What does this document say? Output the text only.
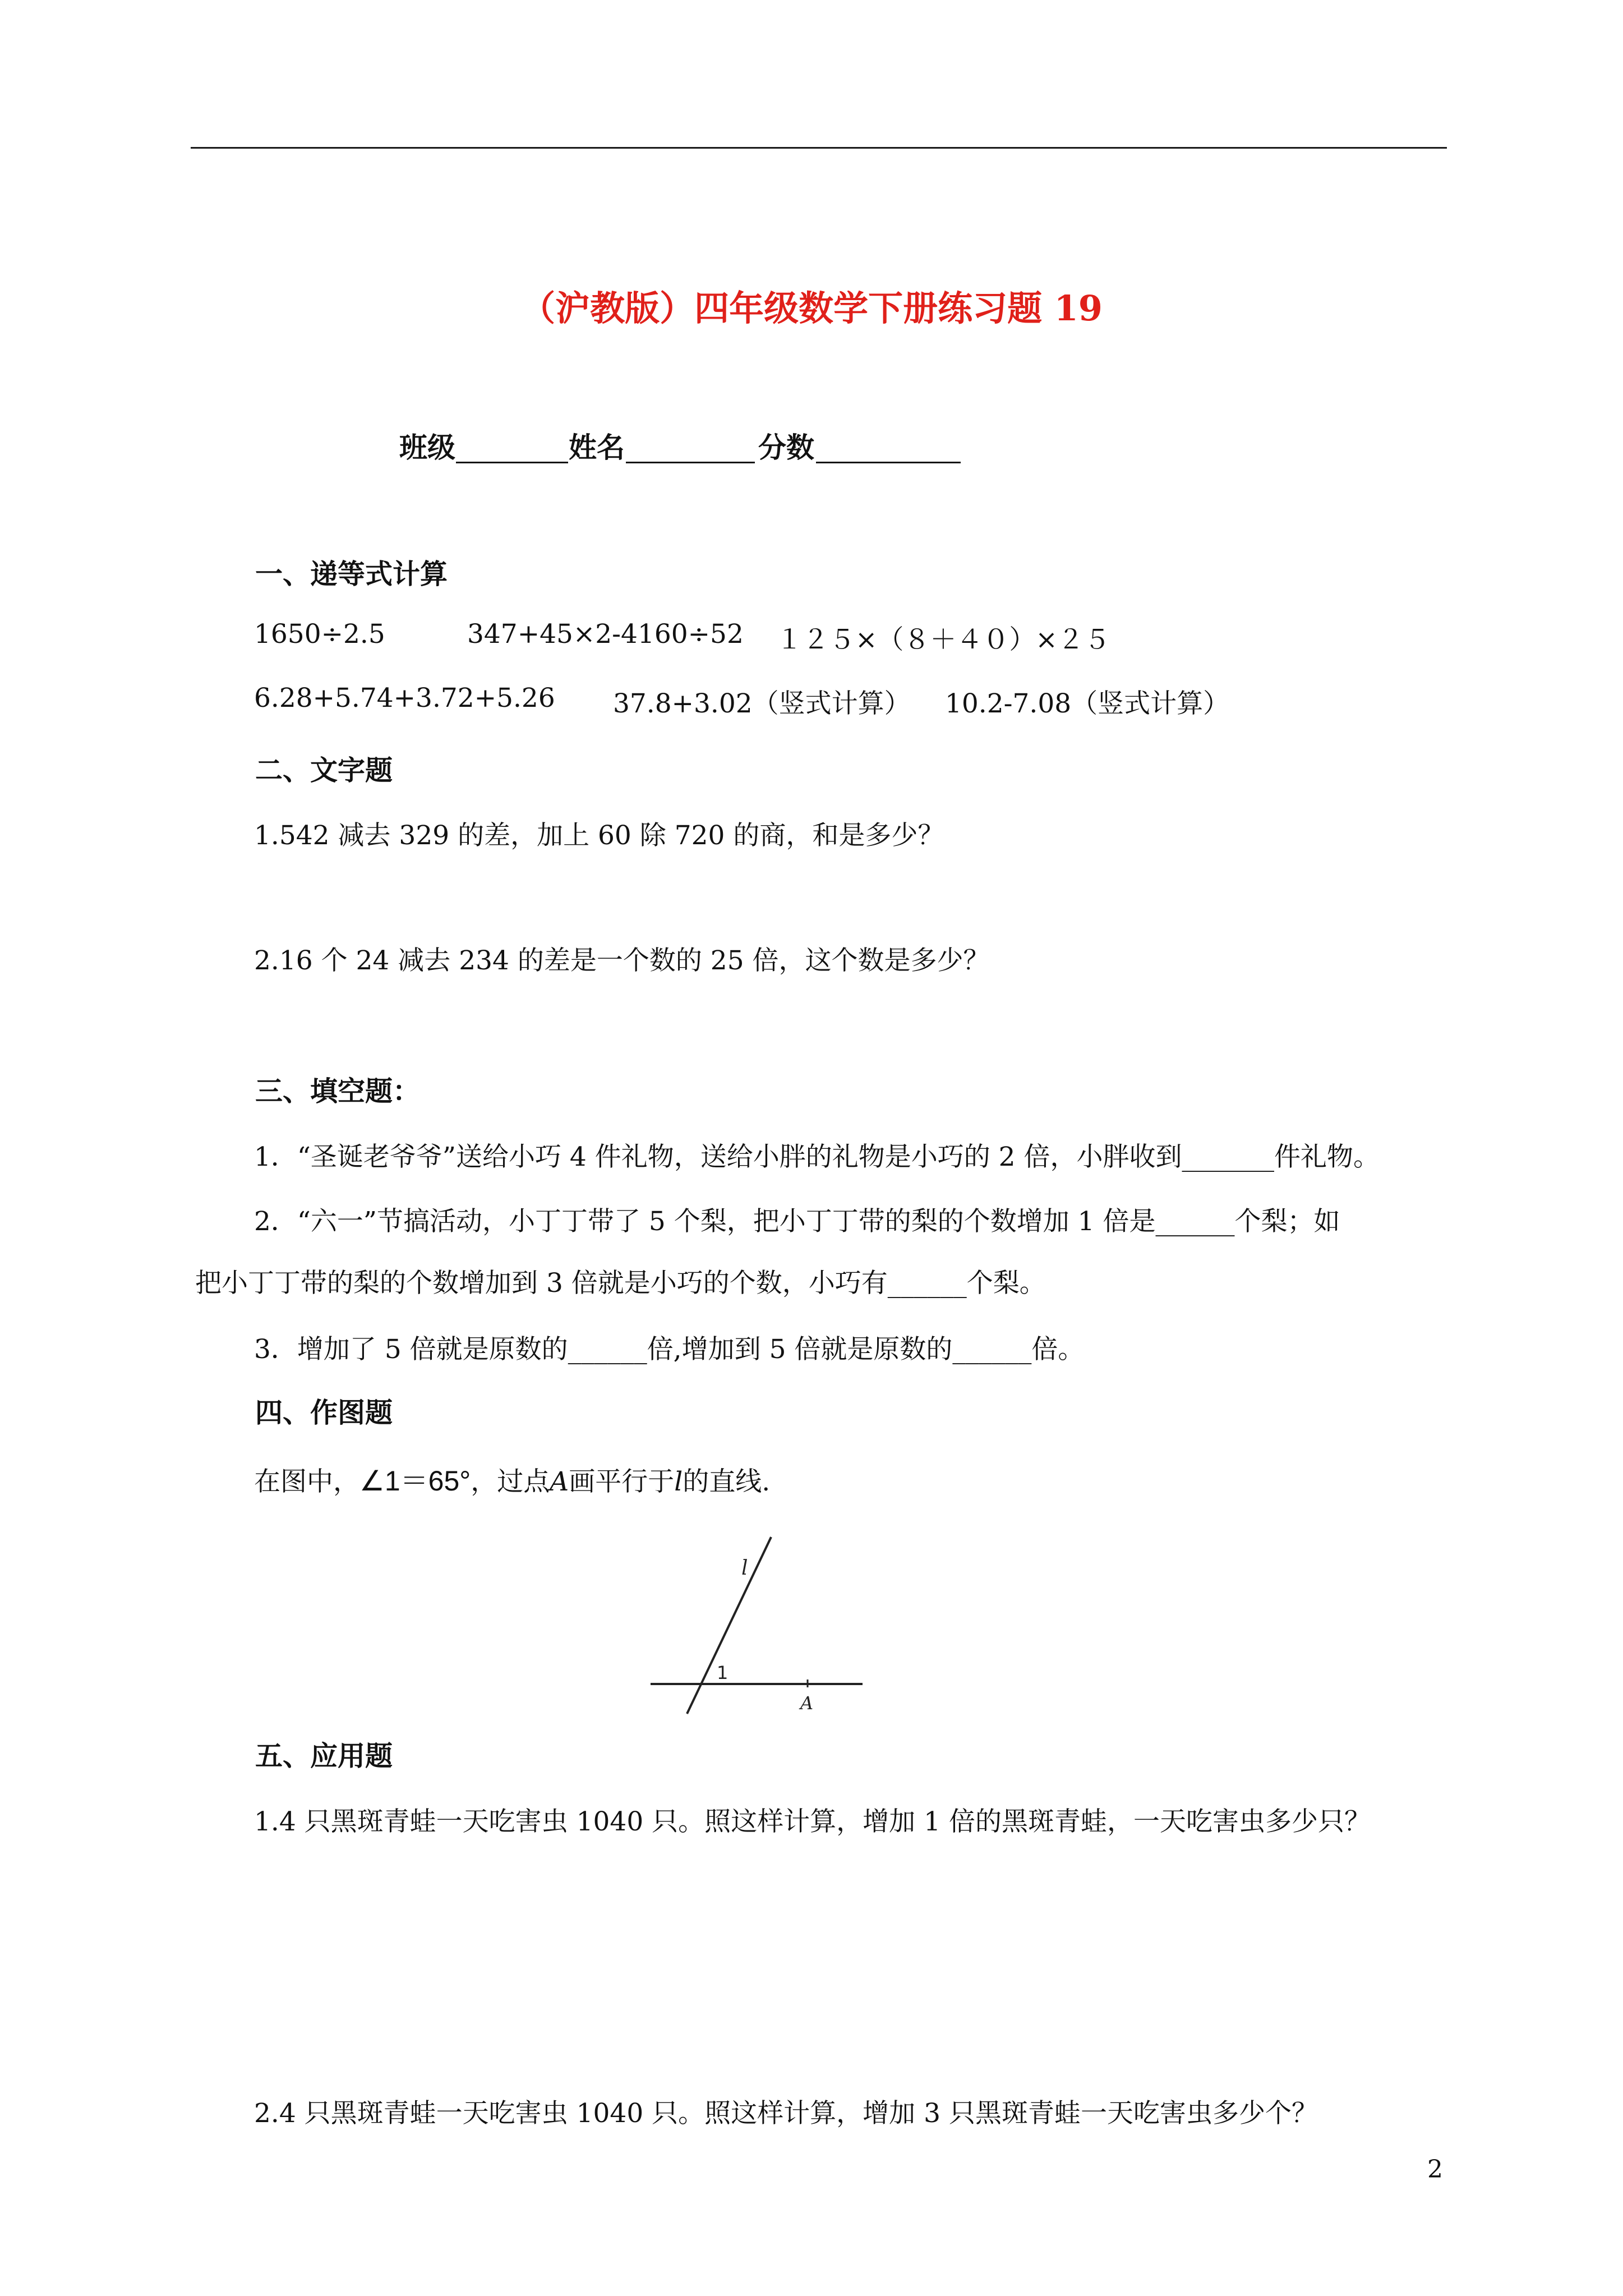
（沪教版）四年级数学下册练习题 19
班级	姓名	分数
一、递等式计算
1650÷2.5	347+45×2-4160÷52 １２５×（８＋４０）×２５
6.28+5.74+3.72+5.26 37.8+3.02（竖式计算） 10.2-7.08（竖式计算）
二、文字题
1.542 减去 329 的差，加上 60 除 720 的商，和是多少？
2.16 个 24 减去 234 的差是一个数的 25 倍，这个数是多少？
三、填空题：
1．“圣诞老爷爷”送给小巧 4 件礼物，送给小胖的礼物是小巧的 2 倍，小胖收到_______件礼物。
2．“六一”节搞活动，小丁丁带了 5 个梨，把小丁丁带的梨的个数增加 1 倍是______个梨；如
把小丁丁带的梨的个数增加到 3 倍就是小巧的个数，小巧有______个梨。
3．增加了 5 倍就是原数的______倍,增加到 5 倍就是原数的______倍。
四、作图题
在图中，∠1＝65°，过点A画平行于l的直线.
l
1
A
五、应用题
1.4 只黑斑青蛙一天吃害虫 1040 只。照这样计算，增加 1 倍的黑斑青蛙，一天吃害虫多少只？
2.4 只黑斑青蛙一天吃害虫 1040 只。照这样计算，增加 3 只黑斑青蛙一天吃害虫多少个？
2
